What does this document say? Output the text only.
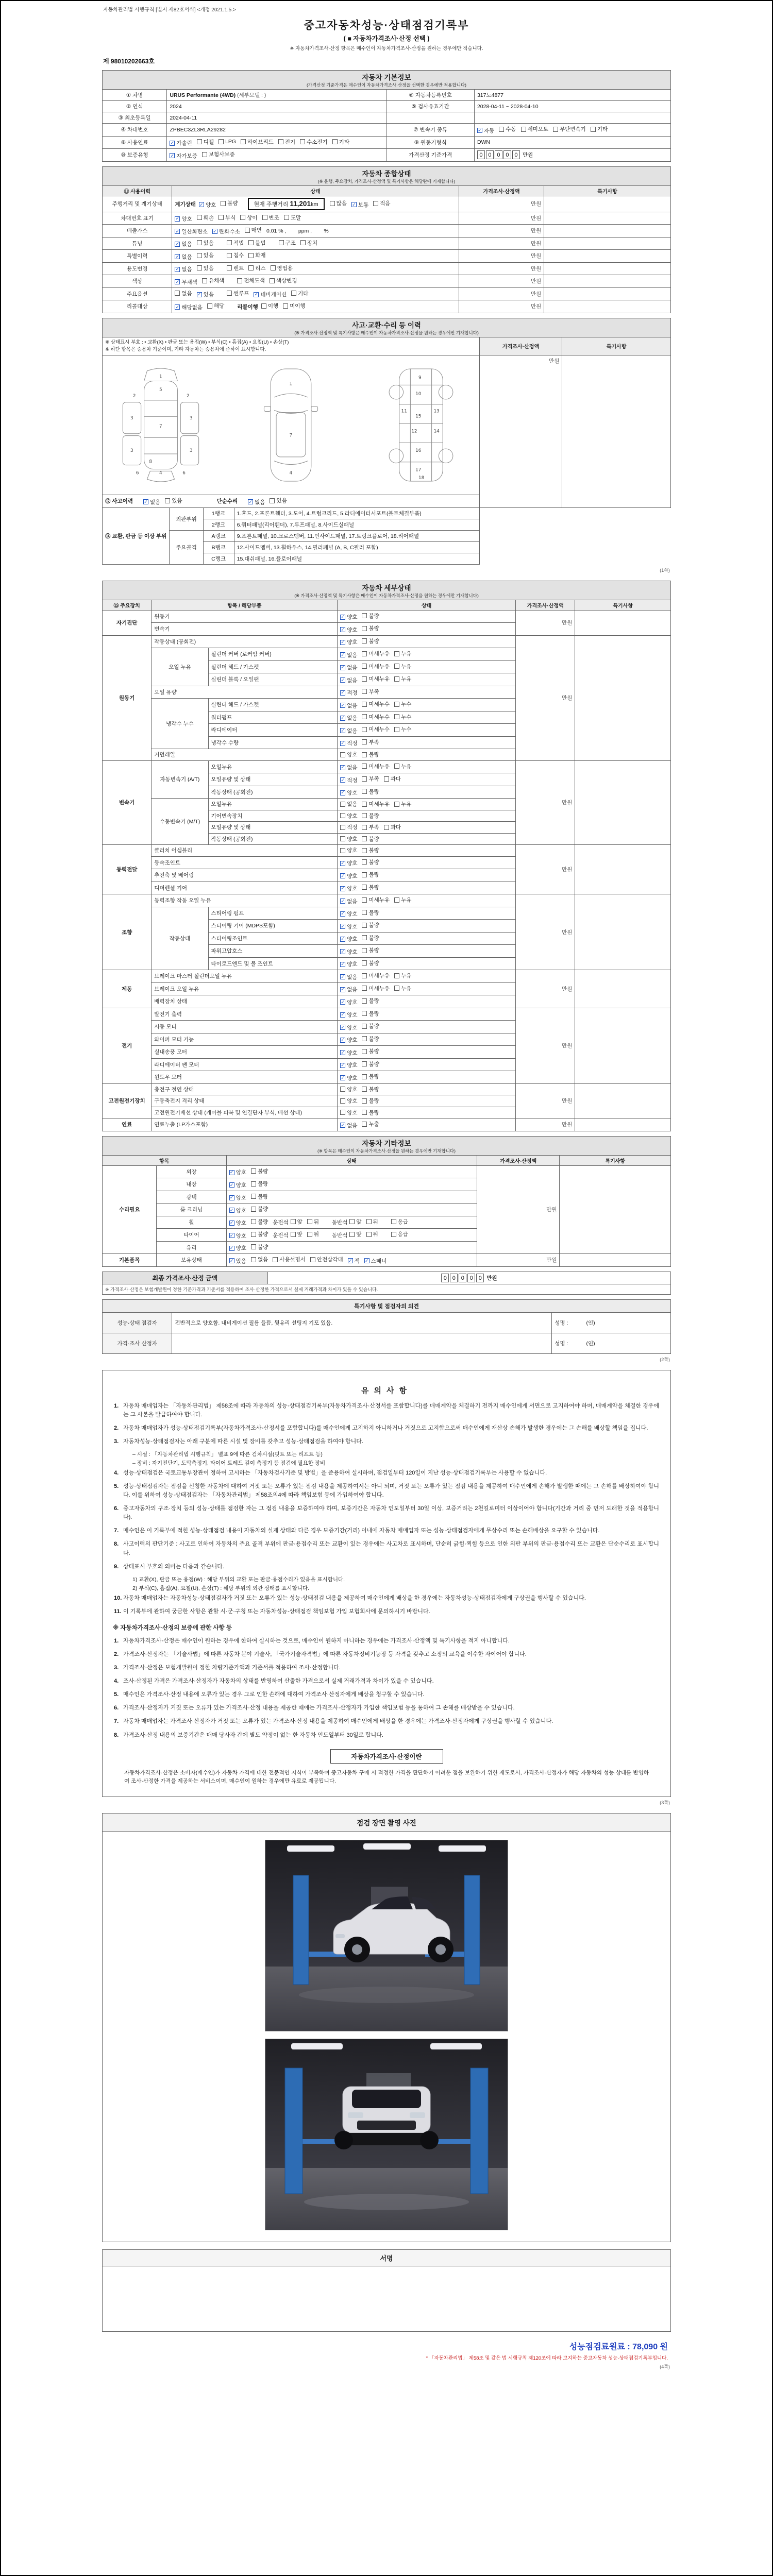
자동차관리법 시행규칙 [별지 제82호서식] <개정 2021.1.5.>
중고자동차성능·상태점검기록부
( ■ 자동차가격조사·산정 선택 )
※ 자동차가격조사·산정 항목은 매수인이 자동차가격조사·산정을 원하는 경우에만 적습니다.
제 98010202663호
자동차 기본정보
(가격산정 기준가격은 매수인이 자동차가격조사·산정을 선택한 경우에만 적용합니다)			

① 차명	URUS Performante (4WD) (세부모델 : )	⑥ 자동차등록번호	317노4877
② 연식	2024	⑤ 검사유효기간	2028-04-11 ~ 2028-04-10
③ 최초등록일	2024-04-11		
④ 차대번호	ZPBEC3ZL3RLA29282	⑦ 변속기 종류	✓ 자동 수동 세미오토 무단변속기 기타

⑧ 사용연료	✓ 가솔린 디젤 LPG 하이브리드 전기 수소전기 기타	⑨ 원동기형식	DWN
⑩ 보증유형	✓ 자가보증 보험사보증	가격산정 기준가격	0 0 0 0 0 만원
자동차 종합상태
(※ 운행, 주요장치, 가격조사·산정액 및 특기사항은 해당란에 기재합니다)			

⑪ 사용이력	상태	가격조사·산정액	특기사항
주행거리 및 계기상태	계기상태 ✓ 양호 불량	현재 주행거리 11,201km	많음 ✓ 보통 적음	만원	
차대번호 표기	✓ 양호 훼손 부식 상이 변조 도말	만원	
배출가스	✓ 일산화탄소 ✓ 탄화수소 매연 0.01 % ,        ppm ,        %	만원	
튜닝	✓ 없음 있음	적법 불법	구조 장치	만원	
특별이력	✓ 없음 있음 침수 화재	만원	
용도변경	✓ 없음 있음	렌트 리스 영업용	만원	
색상	✓ 무채색 유채색 전체도색 색상변경	만원	
주요옵션	없음 ✓ 있음	썬루프 ✓ 네비게이션 기타	만원	
리콜대상	✓ 해당없음 해당 리콜이행 이행 미이행	만원	
사고·교환·수리 등 이력
(※ 가격조사·산정액 및 특기사항은 매수인이 자동차가격조사·산정을 원하는 경우에만 기재합니다)					

※ 상태표시 부호 : • 교환(X) • 판금 또는 용접(W) • 부식(C) • 흠집(A) • 요철(U) • 손상(T)
※ 하단 항목은 승용차 기준이며, 기타 자동차는 승용차에 준하여 표시합니다.				가격조사·산정액	특기사항

1
2	2
3	3
3	3
7
4
5
6	6
8
1
7
4
9
10
11
12
13
14
15
16
17
18
	만원	

⑫ 사고이력 ✓ 없음 있음	단순수리 ✓ 없음 있음

⑭ 교환, 판금 등 이상 부위	외판부위	1랭크	1.후드, 2.프론트휀더, 3.도어, 4.트렁크리드, 5.라디에이터서포트(볼트체결부품)		
		2랭크	6.쿼터패널(리어휀더), 7.루프패널, 8.사이드실패널		
	주요골격	A랭크	9.프론트패널, 10.크로스멤버, 11.인사이드패널, 17.트렁크플로어, 18.리어패널		
		B랭크	12.사이드멤버, 13.휠하우스, 14.필러패널 (A, B, C필러 포함)		
		C랭크	15.대쉬패널, 16.플로어패널		
(1쪽)
자동차 세부상태
(※ 가격조사·산정액 및 특기사항은 매수인이 자동차가격조사·산정을 원하는 경우에만 기재합니다)					

⑮ 주요장치	항목 / 해당부품		상태	가격조사·산정액	특기사항
자기진단	원동기		✓ 양호 불량	만원	
	변속기		✓ 양호 불량		

원동기	작동상태 (공회전)		✓ 양호 불량	만원	
	오일 누유	실린더 커버 (로커암 커버)	✓ 없음 미세누유 누유		

		실린더 헤드 / 가스켓	✓ 없음 미세누유 누유		

		실린더 블록 / 오일팬	✓ 없음 미세누유 누유		

	오일 유량		✓ 적정 부족		

	냉각수 누수	실린더 헤드 / 가스켓	✓ 없음 미세누수 누수		

		워터펌프	✓ 없음 미세누수 누수		

		라디에이터	✓ 없음 미세누수 누수		

		냉각수 수량	✓ 적정 부족		

	커먼레일		양호 불량		

변속기	자동변속기 (A/T)	오일누유	✓ 없음 미세누유 누유	만원	
		오일유량 및 상태	✓ 적정 부족 과다		

		작동상태 (공회전)	✓ 양호 불량		

	수동변속기 (M/T)	오일누유	없음 미세누유 누유		

		기어변속장치	양호 불량		

		오일유량 및 상태	적정 부족 과다		

		작동상태 (공회전)	양호 불량		

동력전달	클러치 어셈블리		양호 불량	만원	
	등속조인트		✓ 양호 불량		

	추진축 및 베어링		✓ 양호 불량		

	디퍼렌셜 기어		✓ 양호 불량		

조향	동력조향 작동 오일 누유		✓ 없음 미세누유 누유	만원	
	작동상태	스티어링 펌프	✓ 양호 불량		

		스티어링 기어 (MDPS포함)	✓ 양호 불량		

		스티어링조인트	✓ 양호 불량		

		파워고압호스	✓ 양호 불량		

		타이로드엔드 및 볼 조인트	✓ 양호 불량		

제동	브레이크 마스터 실린더오일 누유		✓ 없음 미세누유 누유	만원	
	브레이크 오일 누유		✓ 없음 미세누유 누유		

	배력장치 상태		✓ 양호 불량		

전기	발전기 출력		✓ 양호 불량	만원	
	시동 모터		✓ 양호 불량		

	와이퍼 모터 기능		✓ 양호 불량		

	실내송풍 모터		✓ 양호 불량		

	라디에이터 팬 모터		✓ 양호 불량		

	윈도우 모터		✓ 양호 불량		

고전원전기장치	충전구 절연 상태		양호 불량	만원	
	구동축전지 격리 상태		양호 불량		

	고전원전기배선 상태 (케이블 피복 및 연결단자 부식, 배선 상태)		양호 불량		

연료	연료누출 (LP가스포함)		✓ 없음 누출	만원	
자동차 기타정보
(※ 항목은 매수인이 자동차가격조사·산정을 원하는 경우에만 기재합니다)				

항목		상태	가격조사·산정액	특기사항
수리필요	외장	✓ 양호 불량	만원	
	내장	✓ 양호 불량		

	광택	✓ 양호 불량		

	룸 크리닝	✓ 양호 불량		

휠	✓ 양호 불량 운전석 앞 뒤 동반석 앞 뒤	응급

타이어	✓ 양호 불량 운전석 앞 뒤 동반석 앞 뒤	응급

	유리	✓ 양호 불량		

기본품목	보유상태	✓ 있음 없음 사용설명서 안전삼각대 ✓ 잭 ✓ 스패너	만원	
최종 가격조사·산정 금액	0 0 0 0 0 만원
※ 가격조사·산정은 보험개발원이 정한 기준가격과 기준서를 적용하여 조사·산정한 가격으로서 실제 거래가격과 차이가 있을 수 있습니다.
특기사항 및 점검자의 의견		
성능·상태 점검자	전반적으로 양호함. 내비게이션 필름 들뜸, 뒷유리 선팅지 기포 있음.	성명 :            (인)
가격·조사 산정자		성명 :            (인)
(2쪽)
유의사항
1. 자동차 매매업자는 「자동차관리법」 제58조에 따라 자동차의 성능·상태점검기록부(자동차가격조사·산정서를 포함합니다)를 매매계약을 체결하기 전까지 매수인에게 서면으로 고지하여야 하며, 매매계약을 체결한 경우에는 그 사본을 발급하여야 합니다.
2. 자동차 매매업자가 성능·상태점검기록부(자동차가격조사·산정서를 포함합니다)를 매수인에게 고지하지 아니하거나 거짓으로 고지함으로써 매수인에게 재산상 손해가 발생한 경우에는 그 손해를 배상할 책임을 집니다.
3. 자동차성능·상태점검자는 아래 구분에 따른 시설 및 장비를 갖추고 성능·상태점검을 하여야 합니다.
– 시설 : 「자동차관리법 시행규칙」 별표 9에 따른 검차시설(핏트 또는 리프트 등)
– 장비 : 자기진단기, 도막측정기, 타이어 트레드 깊이 측정기 등 점검에 필요한 장비
4. 성능·상태점검은 국토교통부장관이 정하여 고시하는 「자동차검사기준 및 방법」을 준용하여 실시하며, 점검일부터 120일이 지난 성능·상태점검기록부는 사용할 수 없습니다.
5. 성능·상태점검자는 점검을 신청한 자동차에 대하여 거짓 또는 오류가 있는 점검 내용을 제공하여서는 아니 되며, 거짓 또는 오류가 있는 점검 내용을 제공하여 매수인에게 손해가 발생한 때에는 그 손해를 배상하여야 합니다. 이를 위하여 성능·상태점검자는 「자동차관리법」 제58조의4에 따라 책임보험 등에 가입하여야 합니다.
6. 중고자동차의 구조·장치 등의 성능·상태를 점검한 자는 그 점검 내용을 보증하여야 하며, 보증기간은 자동차 인도일부터 30일 이상, 보증거리는 2천킬로미터 이상이어야 합니다(기간과 거리 중 먼저 도래한 것을 적용합니다).
7. 매수인은 이 기록부에 적힌 성능·상태점검 내용이 자동차의 실제 상태와 다른 경우 보증기간(거리) 이내에 자동차 매매업자 또는 성능·상태점검자에게 무상수리 또는 손해배상을 요구할 수 있습니다.
8. 사고이력의 판단기준 : 사고로 인하여 자동차의 주요 골격 부위에 판금·용접수리 또는 교환이 있는 경우에는 사고차로 표시하며, 단순히 긁힘·찍힘 등으로 인한 외판 부위의 판금·용접수리 또는 교환은 단순수리로 표시합니다.
9. 상태표시 부호의 의미는 다음과 같습니다.
1) 교환(X), 판금 또는 용접(W) : 해당 부위의 교환 또는 판금·용접수리가 있음을 표시합니다.
2) 부식(C), 흠집(A), 요철(U), 손상(T) : 해당 부위의 외관 상태를 표시합니다.
10. 자동차 매매업자는 자동차성능·상태점검자가 거짓 또는 오류가 있는 성능·상태점검 내용을 제공하여 매수인에게 배상을 한 경우에는 자동차성능·상태점검자에게 구상권을 행사할 수 있습니다.
11. 이 기록부에 관하여 궁금한 사항은 관할 시·군·구청 또는 자동차성능·상태점검 책임보험 가입 보험회사에 문의하시기 바랍니다.
※ 자동차가격조사·산정의 보증에 관한 사항 등
1. 자동차가격조사·산정은 매수인이 원하는 경우에 한하여 실시하는 것으로, 매수인이 원하지 아니하는 경우에는 가격조사·산정액 및 특기사항을 적지 아니합니다.
2. 가격조사·산정자는 「기술사법」에 따른 자동차 분야 기술사, 「국가기술자격법」에 따른 자동차정비기능장 등 자격을 갖추고 소정의 교육을 이수한 자이어야 합니다.
3. 가격조사·산정은 보험개발원이 정한 차량기준가액과 기준서를 적용하여 조사·산정합니다.
4. 조사·산정된 가격은 가격조사·산정자가 자동차의 상태를 반영하여 산출한 가격으로서 실제 거래가격과 차이가 있을 수 있습니다.
5. 매수인은 가격조사·산정 내용에 오류가 있는 경우 그로 인한 손해에 대하여 가격조사·산정자에게 배상을 청구할 수 있습니다.
6. 가격조사·산정자가 거짓 또는 오류가 있는 가격조사·산정 내용을 제공한 때에는 가격조사·산정자가 가입한 책임보험 등을 통하여 그 손해를 배상받을 수 있습니다.
7. 자동차 매매업자는 가격조사·산정자가 거짓 또는 오류가 있는 가격조사·산정 내용을 제공하여 매수인에게 배상을 한 경우에는 가격조사·산정자에게 구상권을 행사할 수 있습니다.
8. 가격조사·산정 내용의 보증기간은 매매 당사자 간에 별도 약정이 없는 한 자동차 인도일부터 30일로 합니다.
자동차가격조사·산정이란
자동차가격조사·산정은 소비자(매수인)가 자동차 가격에 대한 전문적인 지식이 부족하여 중고자동차 구매 시 적정한 가격을 판단하기 어려운 점을 보완하기 위한 제도로서, 가격조사·산정자가 해당 자동차의 성능·상태를 반영하여 조사·산정한 가격을 제공하는 서비스이며, 매수인이 원하는 경우에만 유료로 제공됩니다.
(3쪽)
점검 장면 촬영 사진
서명
성능점검료원료 : 78,090 원
* 「자동차관리법」 제58조 및 같은 법 시행규칙 제120조에 따라 고지하는 중고자동차 성능·상태점검기록부입니다.
(4쪽)
